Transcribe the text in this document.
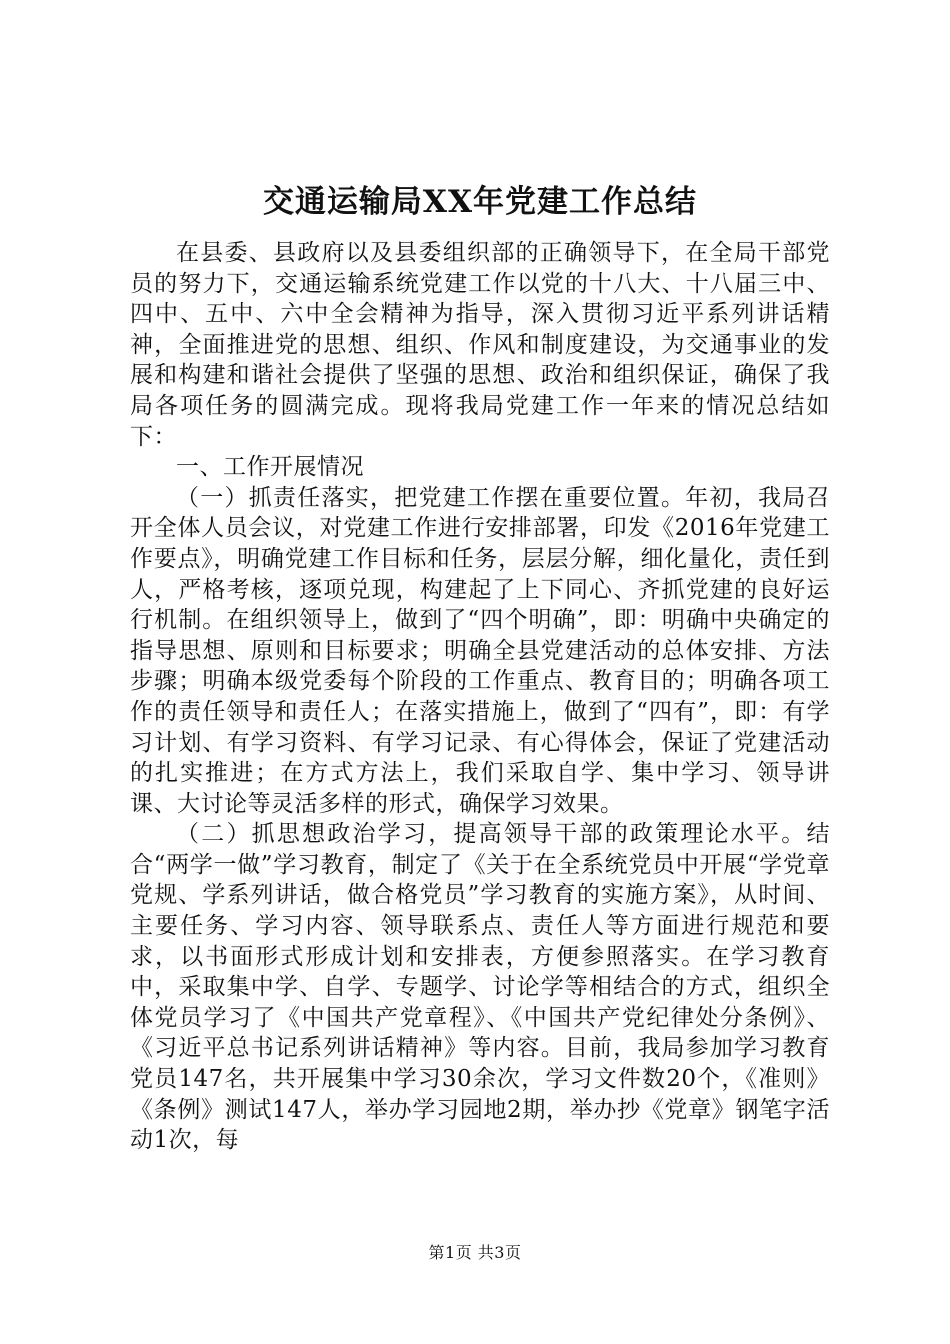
交通运输局XX年党建工作总结

在县委、县政府以及县委组织部的正确领导下，在全局干部党员的努力下，交通运输系统党建工作以党的十八大、十八届三中、四中、五中、六中全会精神为指导，深入贯彻习近平系列讲话精神，全面推进党的思想、组织、作风和制度建设，为交通事业的发展和构建和谐社会提供了坚强的思想、政治和组织保证，确保了我局各项任务的圆满完成。现将我局党建工作一年来的情况总结如下：

一、工作开展情况

（一）抓责任落实，把党建工作摆在重要位置。年初，我局召开全体人员会议，对党建工作进行安排部署，印发《2016年党建工作要点》，明确党建工作目标和任务，层层分解，细化量化，责任到人，严格考核，逐项兑现，构建起了上下同心、齐抓党建的良好运行机制。在组织领导上，做到了“四个明确”，即：明确中央确定的指导思想、原则和目标要求；明确全县党建活动的总体安排、方法步骤；明确本级党委每个阶段的工作重点、教育目的；明确各项工作的责任领导和责任人；在落实措施上，做到了“四有”，即：有学习计划、有学习资料、有学习记录、有心得体会，保证了党建活动的扎实推进；在方式方法上，我们采取自学、集中学习、领导讲课、大讨论等灵活多样的形式，确保学习效果。

（二）抓思想政治学习，提高领导干部的政策理论水平。结合“两学一做”学习教育，制定了《关于在全系统党员中开展“学党章党规、学系列讲话，做合格党员”学习教育的实施方案》，从时间、主要任务、学习内容、领导联系点、责任人等方面进行规范和要求，以书面形式形成计划和安排表，方便参照落实。在学习教育中，采取集中学、自学、专题学、讨论学等相结合的方式，组织全体党员学习了《中国共产党章程》、《中国共产党纪律处分条例》、《习近平总书记系列讲话精神》等内容。目前，我局参加学习教育党员147名，共开展集中学习30余次，学习文件数20个，《准则》《条例》测试147人，举办学习园地2期，举办抄《党章》钢笔字活动1次，每

第1页 共3页
